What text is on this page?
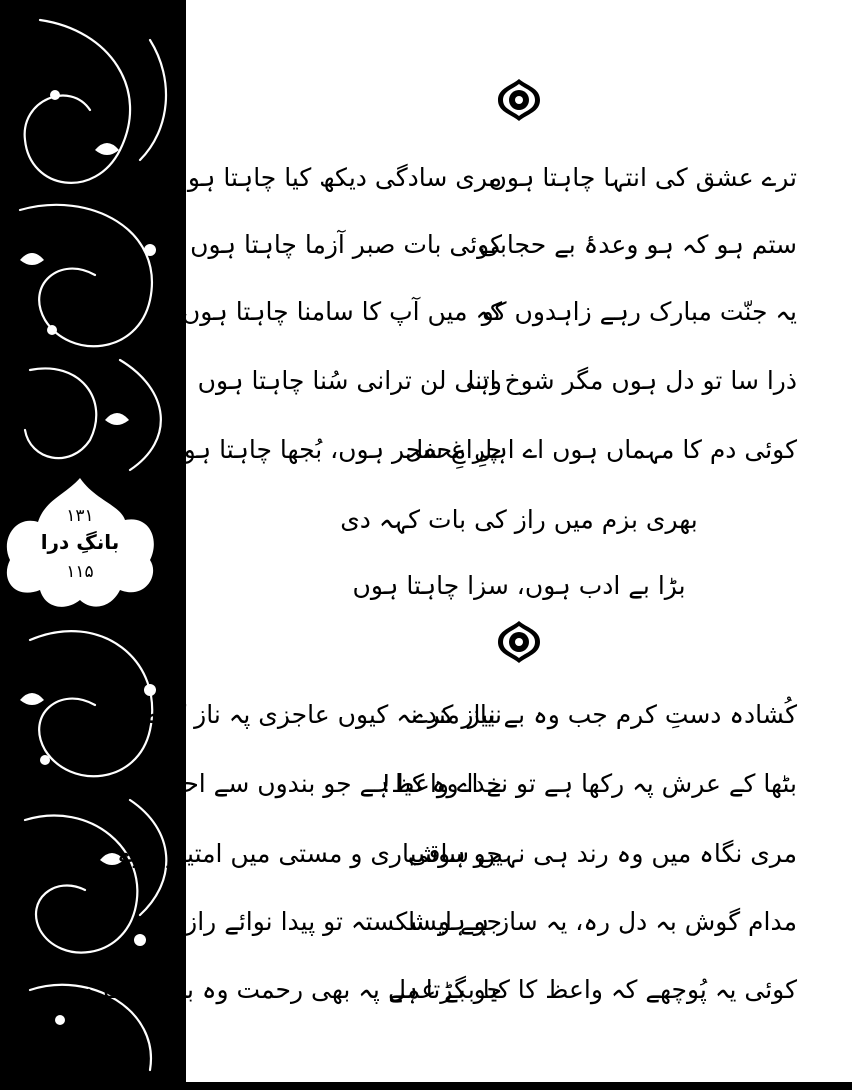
۱۳۱
بانگِ درا
۱۱۵
ترے عشق کی انتہا چاہتا ہوں
مری سادگی دیکھ کیا چاہتا ہوں
ستم ہو کہ ہو وعدۂ بے حجابی
کوئی بات صبر آزما چاہتا ہوں
یہ جنّت مبارک رہے زاہدوں کو
کہ میں آپ کا سامنا چاہتا ہوں
ذرا سا تو دل ہوں مگر شوخ اتنا
وہی لن ترانی سُنا چاہتا ہوں
کوئی دم کا مہماں ہوں اے اہلِ محفل
چراغِ سحر ہوں، بُجھا چاہتا ہوں
بھری بزم میں راز کی بات کہہ دی
بڑا بے ادب ہوں، سزا چاہتا ہوں
کُشادہ دستِ کرم جب وہ بے نیاز کرے
نیاز مند نہ کیوں عاجزی پہ ناز کرے
بٹھا کے عرش پہ رکھا ہے تو نے اے واعظ!
خدا وہ کیا ہے جو بندوں سے احتراز کرے
مری نگاہ میں وہ رند ہی نہیں ساقی
جو ہوشیاری و مستی میں امتیاز کرے
مدام گوش بہ دل رہ، یہ ساز ہے ایسا
جو ہو شکستہ تو پیدا نوائے راز کرے
کوئی یہ پُوچھے کہ واعظ کا کیا بگڑتا ہے
جو بے عمل پہ بھی رحمت وہ بے نیاز کرے
